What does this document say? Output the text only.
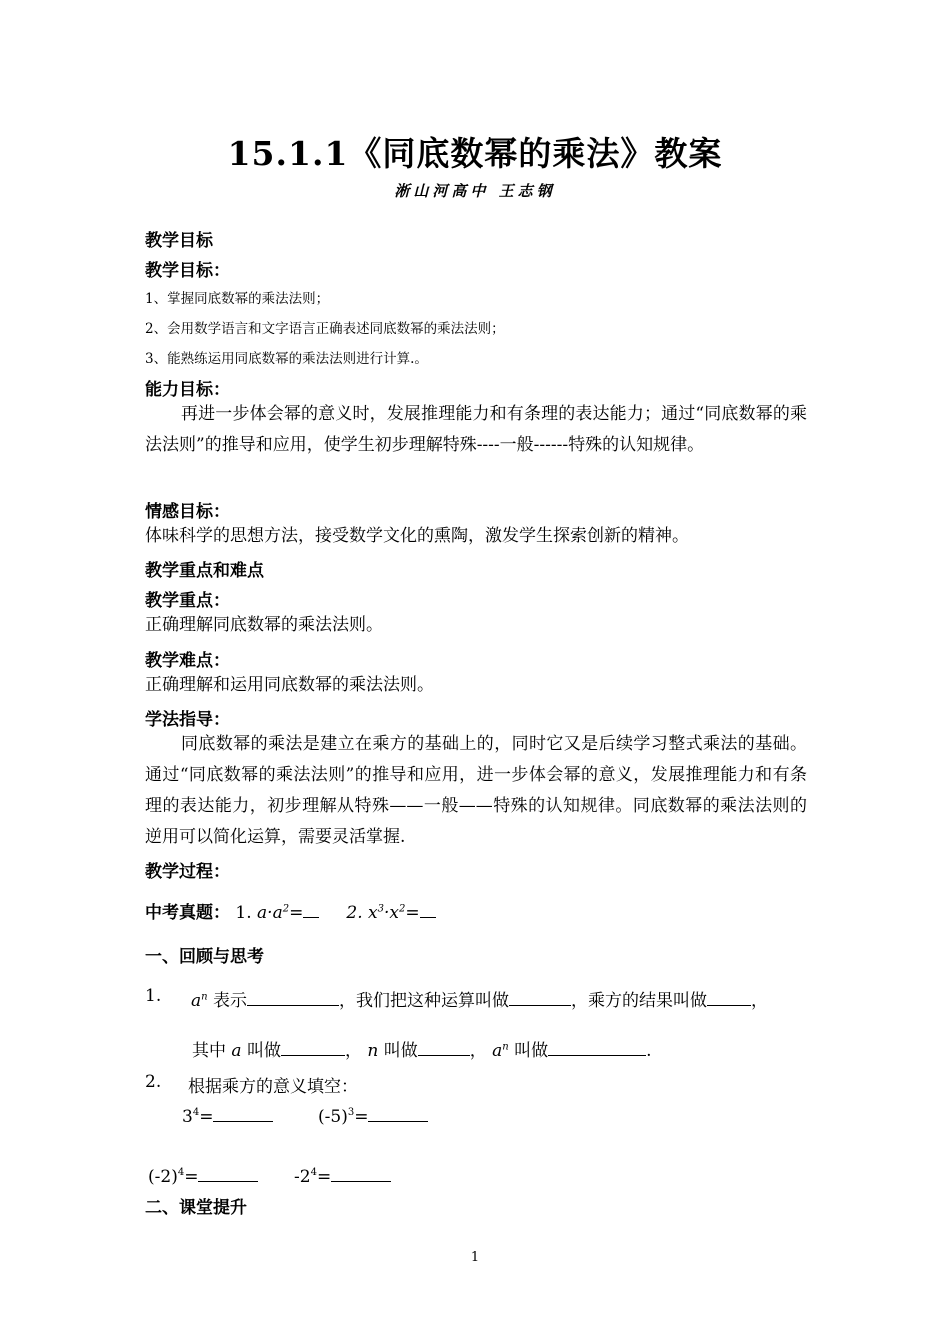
15.1.1《同底数幂的乘法》教案
淅山河高中 王志钢
教学目标
教学目标：
1、掌握同底数幂的乘法法则；
2、会用数学语言和文字语言正确表述同底数幂的乘法法则；
3、能熟练运用同底数幂的乘法法则进行计算.。
能力目标：
再进一步体会幂的意义时，发展推理能力和有条理的表达能力；通过“同底数幂的乘法法则”的推导和应用，使学生初步理解特殊----一般------特殊的认知规律。
情感目标：
体味科学的思想方法，接受数学文化的熏陶，激发学生探索创新的精神。
教学重点和难点
教学重点：
正确理解同底数幂的乘法法则。
教学难点：
正确理解和运用同底数幂的乘法法则。
学法指导：
同底数幂的乘法是建立在乘方的基础上的，同时它又是后续学习整式乘法的基础。通过“同底数幂的乘法法则”的推导和应用，进一步体会幂的意义，发展推理能力和有条理的表达能力，初步理解从特殊——一般——特殊的认知规律。同底数幂的乘法法则的逆用可以简化运算，需要灵活掌握.
教学过程：
中考真题： 1. $a\cdot a^2=$	2. $x^3\cdot x^2=$
一、回顾与思考
1. $a^n$ 表示	，我们把这种运算叫做	，乘方的结果叫做	，
其中 a 叫做	， n 叫做	， $a^n$ 叫做	.
2. 根据乘方的意义填空：
$3^4=$	$(-5)^3=$
$(-2)^4=$	$-2^4=$
二、课堂提升
1
